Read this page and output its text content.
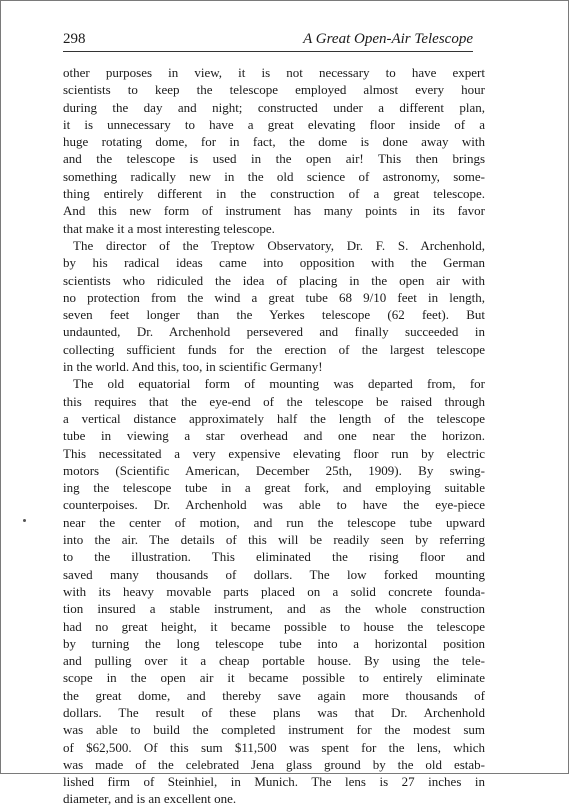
298	A Great Open-Air Telescope

other purposes in view, it is not necessary to have expert
scientists to keep the telescope employed almost every hour
during the day and night; constructed under a different plan,
it is unnecessary to have a great elevating floor inside of a
huge rotating dome, for in fact, the dome is done away with
and the telescope is used in the open air! This then brings
something radically new in the old science of astronomy, some-
thing entirely different in the construction of a great telescope.
And this new form of instrument has many points in its favor
that make it a most interesting telescope.

The director of the Treptow Observatory, Dr. F. S. Archenhold,
by his radical ideas came into opposition with the German
scientists who ridiculed the idea of placing in the open air with
no protection from the wind a great tube 68 9/10 feet in length,
seven feet longer than the Yerkes telescope (62 feet). But
undaunted, Dr. Archenhold persevered and finally succeeded in
collecting sufficient funds for the erection of the largest telescope
in the world. And this, too, in scientific Germany!

The old equatorial form of mounting was departed from, for
this requires that the eye-end of the telescope be raised through
a vertical distance approximately half the length of the telescope
tube in viewing a star overhead and one near the horizon.
This necessitated a very expensive elevating floor run by electric
motors (Scientific American, December 25th, 1909). By swing-
ing the telescope tube in a great fork, and employing suitable
counterpoises. Dr. Archenhold was able to have the eye-piece
near the center of motion, and run the telescope tube upward
into the air. The details of this will be readily seen by referring
to the illustration. This eliminated the rising floor and
saved many thousands of dollars. The low forked mounting
with its heavy movable parts placed on a solid concrete founda-
tion insured a stable instrument, and as the whole construction
had no great height, it became possible to house the telescope
by turning the long telescope tube into a horizontal position
and pulling over it a cheap portable house. By using the tele-
scope in the open air it became possible to entirely eliminate
the great dome, and thereby save again more thousands of
dollars. The result of these plans was that Dr. Archenhold
was able to build the completed instrument for the modest sum
of $62,500. Of this sum $11,500 was spent for the lens, which
was made of the celebrated Jena glass ground by the old estab-
lished firm of Steinhiel, in Munich. The lens is 27 inches in
diameter, and is an excellent one.
